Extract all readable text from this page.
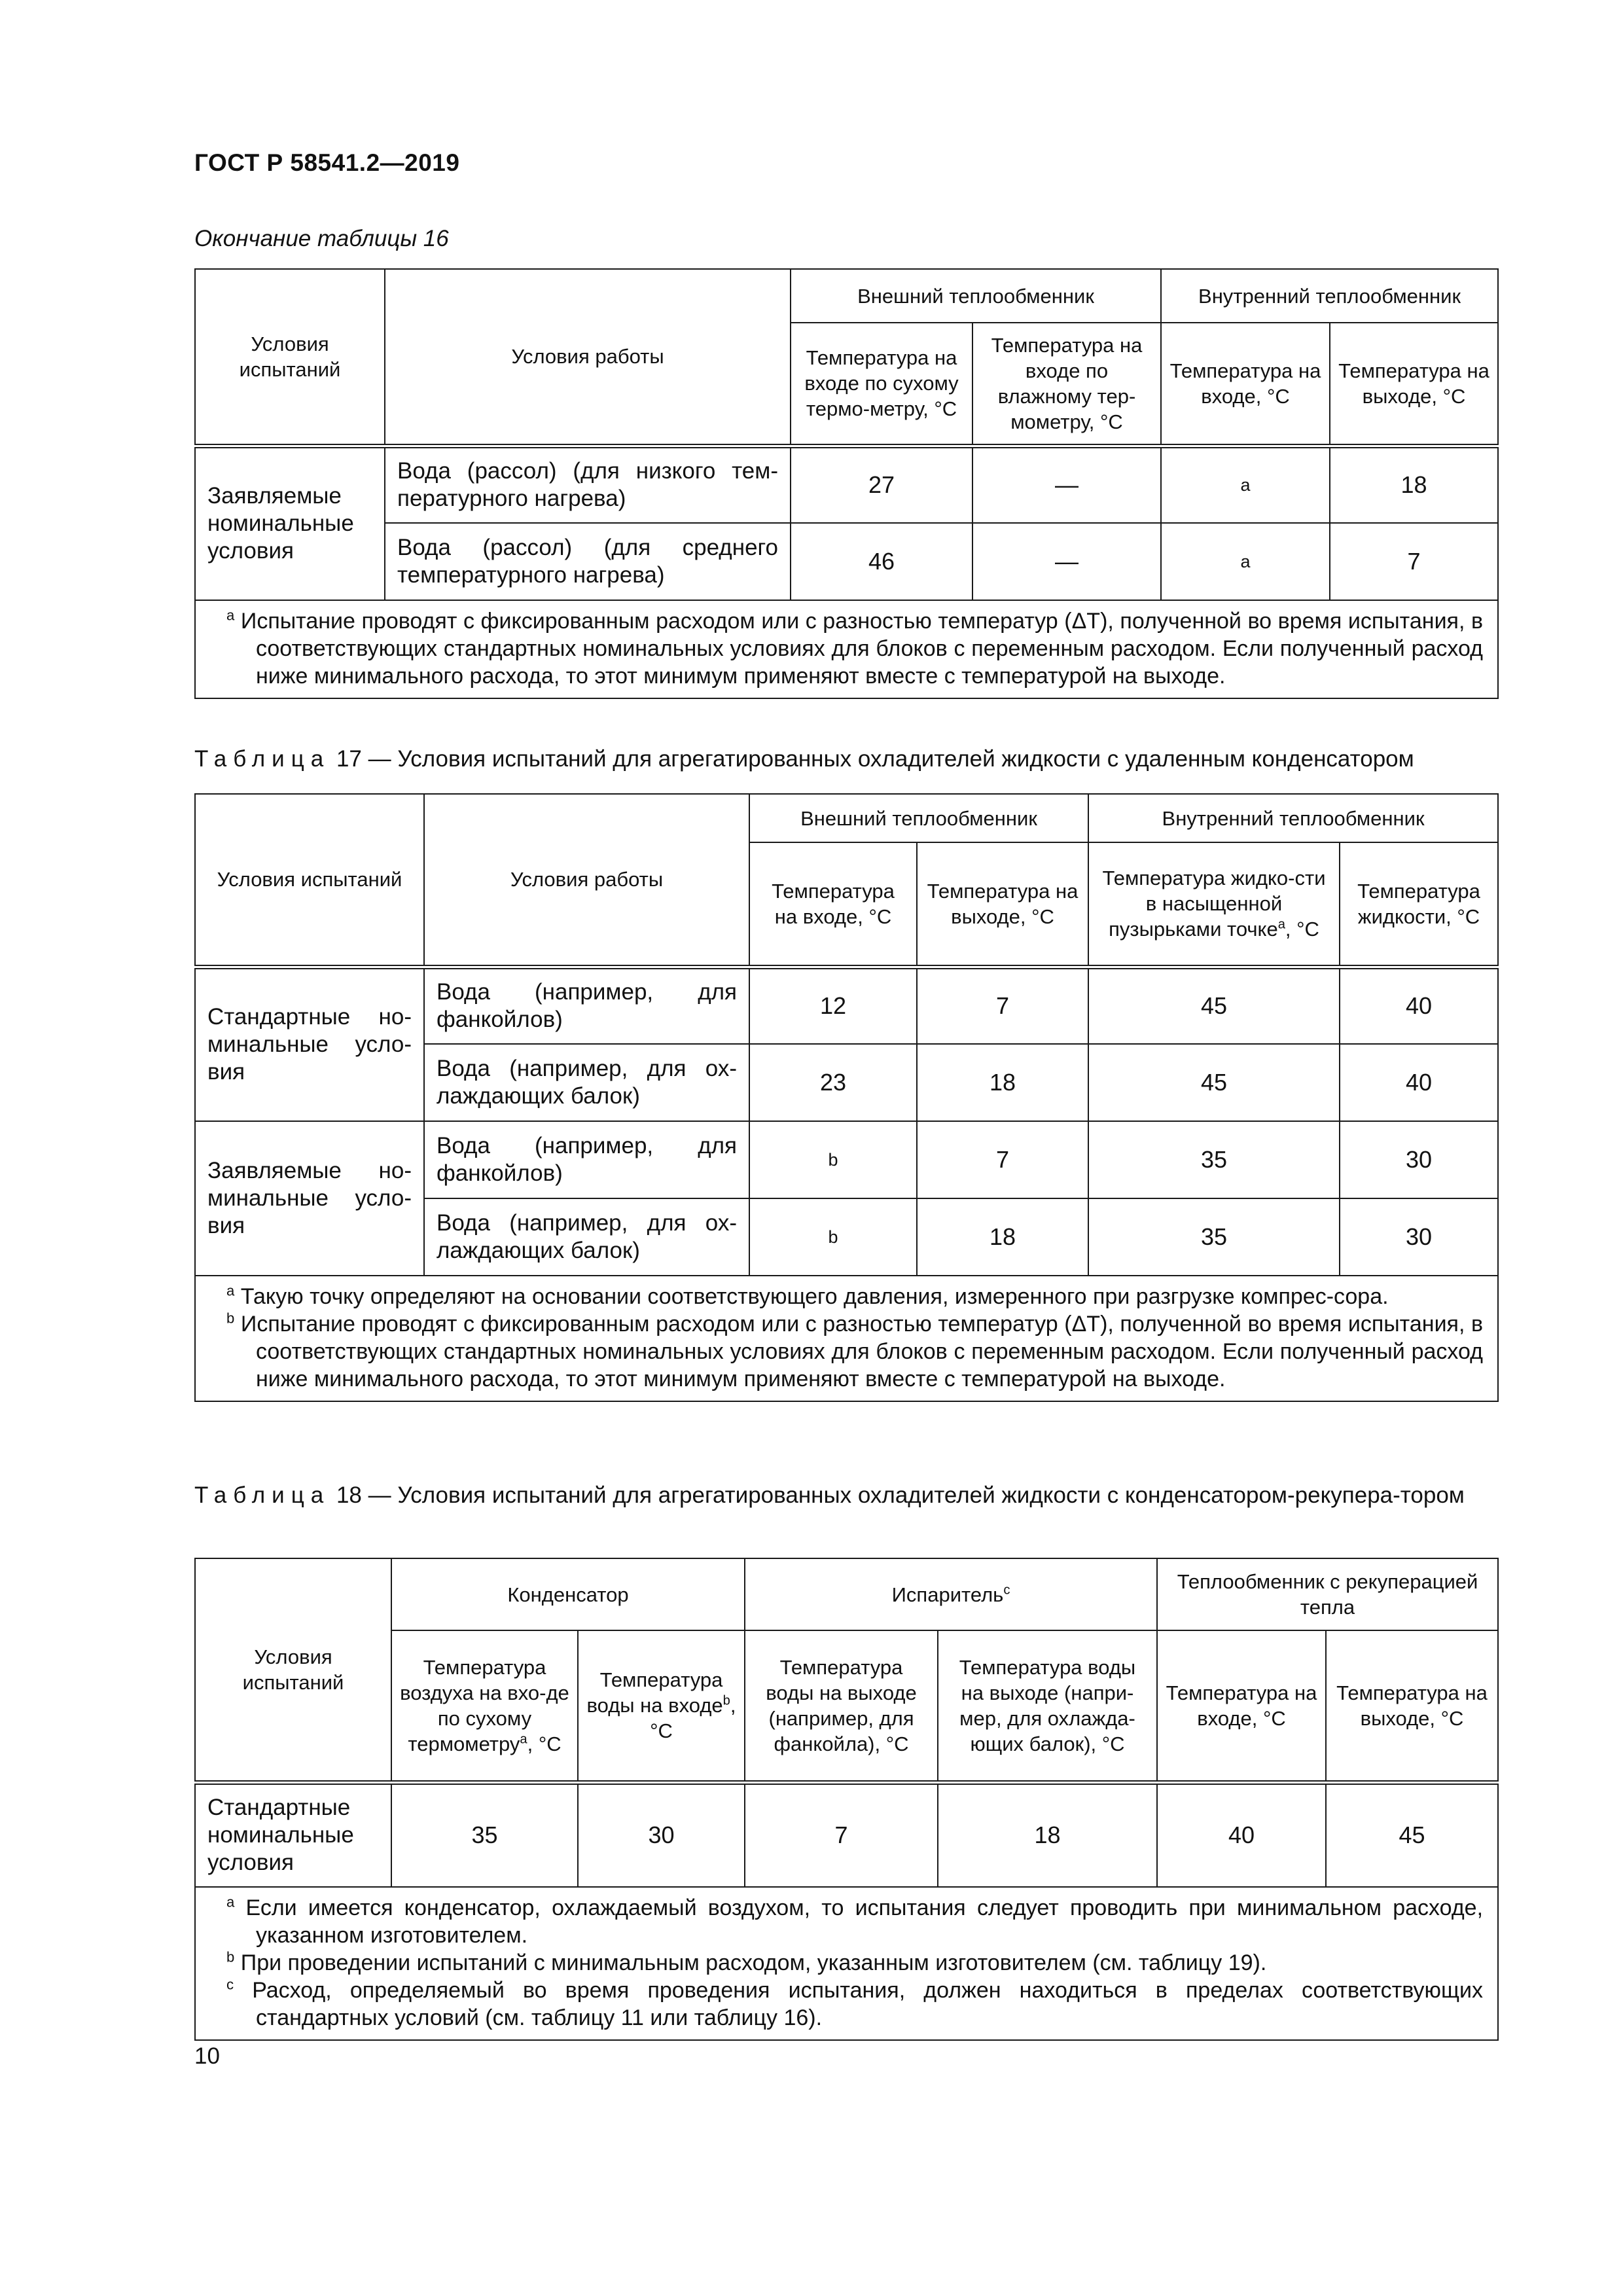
ГОСТ Р 58541.2—2019
Окончание таблицы 16
Условия испытаний	Условия работы	Внешний теплообменник		Внутренний теплообменник	
		Температура на входе по сухому термо-метру, °С	Температура на входе по влажному тер-мометру, °С	Температура на входе, °С	Температура на выходе, °С
Заявляемые номинальные условия	Вода (рассол) (для низкого тем-пературного нагрева)	27	—	а	18
	Вода (рассол) (для среднего температурного нагрева)	46	—	а	7

$^а$ Испытание проводят с фиксированным расходом или с разностью температур (ΔT), полученной во время испытания, в соответствующих стандартных номинальных условиях для блоков с переменным расходом. Если полученный расход ниже минимального расхода, то этот минимум применяют вместе с температурой на выходе.					

Таблица 17 — Условия испытаний для агрегатированных охладителей жидкости с удаленным конденсатором
Условия испытаний	Условия работы	Внешний теплообменник		Внутренний теплообменник	
		Температура на входе, °С	Температура на выходе, °С	Температура жидко-сти в насыщенной пузырьками точке$^а$, °С	Температура жидкости, °С
Стандартные но-минальные усло-вия	Вода (например, для фанкойлов)	12	7	45	40
	Вода (например, для ох-лаждающих балок)	23	18	45	40
Заявляемые но-минальные усло-вия	Вода (например, для фанкойлов)	b	7	35	30
	Вода (например, для ох-лаждающих балок)	b	18	35	30

$^а$ Такую точку определяют на основании соответствующего давления, измеренного при разгрузке компрес-сора.

$^b$ Испытание проводят с фиксированным расходом или с разностью температур (ΔT), полученной во время испытания, в соответствующих стандартных номинальных условиях для блоков с переменным расходом. Если полученный расход ниже минимального расхода, то этот минимум применяют вместе с температурой на выходе.					

Таблица 18 — Условия испытаний для агрегатированных охладителей жидкости с конденсатором-рекупера-тором
Условия испытаний	Конденсатор		Испаритель$^с$		Теплообменник с рекуперацией тепла	
	Температура воздуха на вхо-де по сухому термометру$^а$, °С	Температура воды на входе$^b$, °С	Температура воды на выходе (например, для фанкойла), °С	Температура воды на выходе (напри-мер, для охлажда-ющих балок), °С	Температура на входе, °С	Температура на выходе, °С
Стандартные номинальные условия	35	30	7	18	40	45

$^а$ Если имеется конденсатор, охлаждаемый воздухом, то испытания следует проводить при минимальном расходе, указанном изготовителем.

$^b$ При проведении испытаний с минимальным расходом, указанным изготовителем (см. таблицу 19).

$^с$ Расход, определяемый во время проведения испытания, должен находиться в пределах соответствующих стандартных условий (см. таблицу 11 или таблицу 16).						

10
